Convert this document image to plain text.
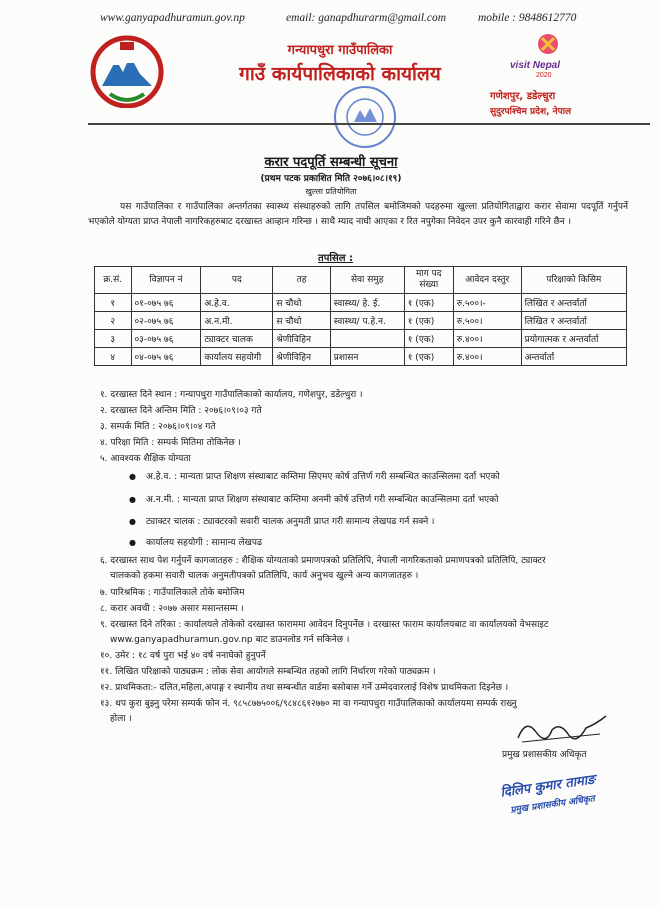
www.ganyapadhuramun.gov.np	email: ganapdhurarm@gmail.com	mobile : 9848612770
गन्यापधुरा गाउँपालिका
गाउँ कार्यपालिकाको कार्यालय	visit Nepal
2020
गणेशपुर, डडेल्धुरा
सुदुरपश्चिम प्रदेश, नेपाल
करार पदपूर्ति सम्बन्धी सूचना
(प्रथम पटक प्रकाशित मिति २०७६।०८।१९)
खुल्ला प्रतियोगिता
यस गाउँपालिका र गाउँपालिका अन्तर्गतका स्वास्थ्य संस्थाहरुको लागि तपसिल बमोजिमको पदहरुमा खुल्ला प्रतियोगिताद्वारा करार सेवामा पदपूर्ति गर्नुपर्ने भएकोले योग्यता प्राप्त नेपाली नागरिकहरुबाट दरखास्त आव्हान गरिन्छ । साथै म्याद नाघी आएका र रित नपुगेका निवेदन उपर कुनै कारवाही गरिने छैन ।
तपसिल :
क्र.सं.	विज्ञापन नं	पद	तह	सेवा समुह	माग पद संख्या	आवेदन दस्तुर	परिक्षाको किसिम
१	०१-०७५ ७६	अ.हे.व.	स चौथो	स्वास्थ्य/ हे. ई.	१ (एक)	रु.५००।-	लिखित र अन्तर्वार्ता
२	०२-०७५ ७६	अ.न.मी.	स चौथो	स्वास्थ्य/ प.हे.न.	१ (एक)	रु.५००।	लिखित र अन्तर्वार्ता
३	०३-०७५ ७६	ट्याक्टर चालक	श्रेणीविहिन		१ (एक)	रु.४००।	प्रयोगात्मक र अन्तर्वार्ता
४	०४-०७५ ७६	कार्यालय सहयोगी	श्रेणीविहिन	प्रशासन	१ (एक)	रु.४००।	अन्तर्वार्ता
१. दरखास्त दिने स्थान : गन्यापधुरा गाउँपालिकाको कार्यालय, गणेशपुर, डडेल्धुरा ।
२. दरखास्त दिने अन्तिम मिति : २०७६।०९।०३ गते
३. सम्पर्क मिति : २०७६।०९।०४ गते
४. परिक्षा मिति : सम्पर्क मितिमा तोकिनेछ ।
५. आवश्यक शैक्षिक योग्यता
● अ.हे.व. : मान्यता प्राप्त शिक्षण संस्थाबाट कम्तिमा सिएमए कोर्ष उत्तिर्ण गरी सम्बन्धित काउन्सिलमा दर्ता भएको
● अ.न.मी. : मान्यता प्राप्त शिक्षण संस्थाबाट कम्तिमा अनमी कोर्ष उत्तिर्ण गरी सम्बन्धित काउन्सिलमा दर्ता भएको
● ट्याक्टर चालक : ट्याक्टरको सवारी चालक अनुमती प्राप्त गरी सामान्य लेखपढ गर्न सक्ने ।
● कार्यालय सहयोगी : सामान्य लेखपढ
६. दरखास्त साथ पेश गर्नुपर्ने कागजातहरु : शैक्षिक योग्यताको प्रमाणपत्रको प्रतिलिपि, नेपाली नागरिकताको प्रमाणपत्रको प्रतिलिपि, ट्याक्टर
चालकको हकमा सवारी चालक अनुमतीपत्रको प्रतिलिपि, कार्य अनुभव खुल्ने अन्य कागजातहरु ।
७. पारिश्रमिक : गाउँपालिकाले तोके बमोजिम
८. करार अवधी : २०७७ असार मसान्तसम्म ।
९. दरखास्त दिने तरिका : कार्यालयले तोकेको दरखास्त फाराममा आवेदन दिनुपर्नेछ । दरखास्त फाराम कार्यालयबाट वा कार्यालयको वेभसाइट
www.ganyapadhuramun.gov.np बाट डाउनलोड गर्न सकिनेछ ।
१०. उमेर : १८ वर्ष पुरा भई ४० वर्ष ननाघेको हुनुपर्ने
११. लिखित परिक्षाको पाठ्यक्रम : लोक सेवा आयोगले सम्बन्धित तहको लागि निर्धारण गरेको पाठ्यक्रम ।
१२. प्राथमिकता:- दलित,महिला,अपाङ्ग र स्थानीय तथा सम्बन्धीत वार्डमा बसोबास गर्ने उम्मेदवारलाई विशेष प्राथमिकता दिइनेछ ।
१३. थप कुरा बुझ्नु परेमा सम्पर्क फोन नं. ९८५८७७५००६/९८४८६१२७७० मा वा गन्यापधुरा गाउँपालिकाको कार्यालयमा सम्पर्क राख्नु
होला ।
प्रमुख प्रशासकीय अधिकृत
दिलिप कुमार तामाङ
प्रमुख प्रशासकीय अधिकृत
